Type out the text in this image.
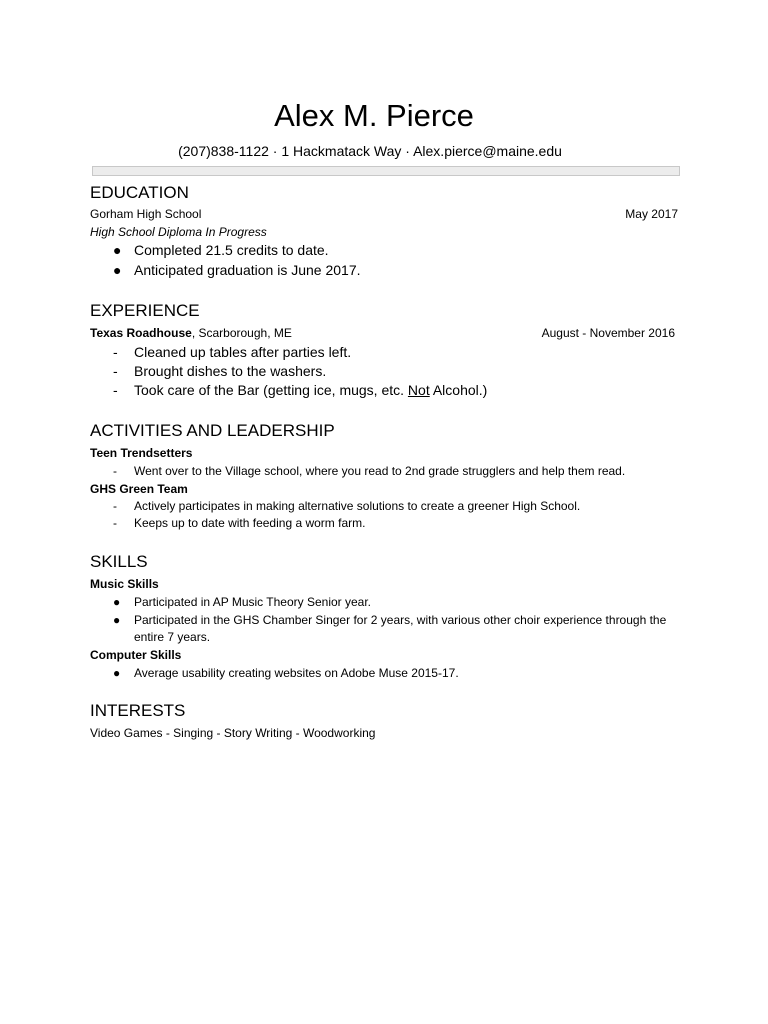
Alex M. Pierce
(207)838-1122 · 1 Hackmatack Way · Alex.pierce@maine.edu
EDUCATION
Gorham High School	May 2017
High School Diploma In Progress
● Completed 21.5 credits to date.
● Anticipated graduation is June 2017.
EXPERIENCE
Texas Roadhouse, Scarborough, ME	August - November 2016
-	Cleaned up tables after parties left.
-	Brought dishes to the washers.
-	Took care of the Bar (getting ice, mugs, etc. Not Alcohol.)
ACTIVITIES AND LEADERSHIP
Teen Trendsetters
-	Went over to the Village school, where you read to 2nd grade strugglers and help them read.
GHS Green Team
-	Actively participates in making alternative solutions to create a greener High School.
-	Keeps up to date with feeding a worm farm.
SKILLS
Music Skills
●	Participated in AP Music Theory Senior year.
●	Participated in the GHS Chamber Singer for 2 years, with various other choir experience through the entire 7 years.
Computer Skills
●	Average usability creating websites on Adobe Muse 2015-17.
INTERESTS
Video Games - Singing - Story Writing - Woodworking
